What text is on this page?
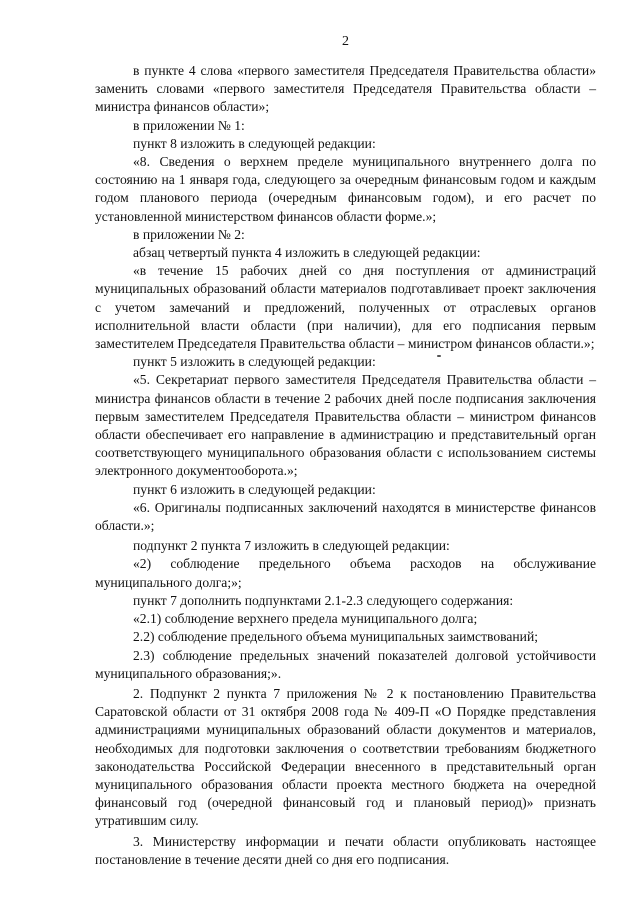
2

в пункте 4 слова «первого заместителя Председателя Правительства области» заменить словами «первого заместителя Председателя Правительства области – министра финансов области»;

в приложении № 1:

пункт 8 изложить в следующей редакции:

«8. Сведения о верхнем пределе муниципального внутреннего долга по состоянию на 1 января года, следующего за очередным финансовым годом и каждым годом планового периода (очередным финансовым годом), и его расчет по установленной министерством финансов области форме.»;

в приложении № 2:

абзац четвертый пункта 4 изложить в следующей редакции:

«в течение 15 рабочих дней со дня поступления от администраций муниципальных образований области материалов подготавливает проект заключения с учетом замечаний и предложений, полученных от отраслевых органов исполнительной власти области (при наличии), для его подписания первым заместителем Председателя Правительства области – министром финансов области.»;

пункт 5 изложить в следующей редакции:

«5. Секретариат первого заместителя Председателя Правительства области – министра финансов области в течение 2 рабочих дней после подписания заключения первым заместителем Председателя Правительства области – министром финансов области обеспечивает его направление в администрацию и представительный орган соответствующего муниципального образования области с использованием системы электронного документооборота.»;

пункт 6 изложить в следующей редакции:

«6. Оригиналы подписанных заключений находятся в министерстве финансов области.»;

подпункт 2 пункта 7 изложить в следующей редакции:

«2) соблюдение предельного объема расходов на обслуживание муниципального долга;»;

пункт 7 дополнить подпунктами 2.1-2.3 следующего содержания:

«2.1) соблюдение верхнего предела муниципального долга;

2.2) соблюдение предельного объема муниципальных заимствований;

2.3) соблюдение предельных значений показателей долговой устойчивости муниципального образования;».

2. Подпункт 2 пункта 7 приложения № 2 к постановлению Правительства Саратовской области от 31 октября 2008 года № 409-П «О Порядке представления администрациями муниципальных образований области документов и материалов, необходимых для подготовки заключения о соответствии требованиям бюджетного законодательства Российской Федерации внесенного в представительный орган муниципального образования области проекта местного бюджета на очередной финансовый год (очередной финансовый год и плановый период)» признать утратившим силу.

3. Министерству информации и печати области опубликовать настоящее постановление в течение десяти дней со дня его подписания.
